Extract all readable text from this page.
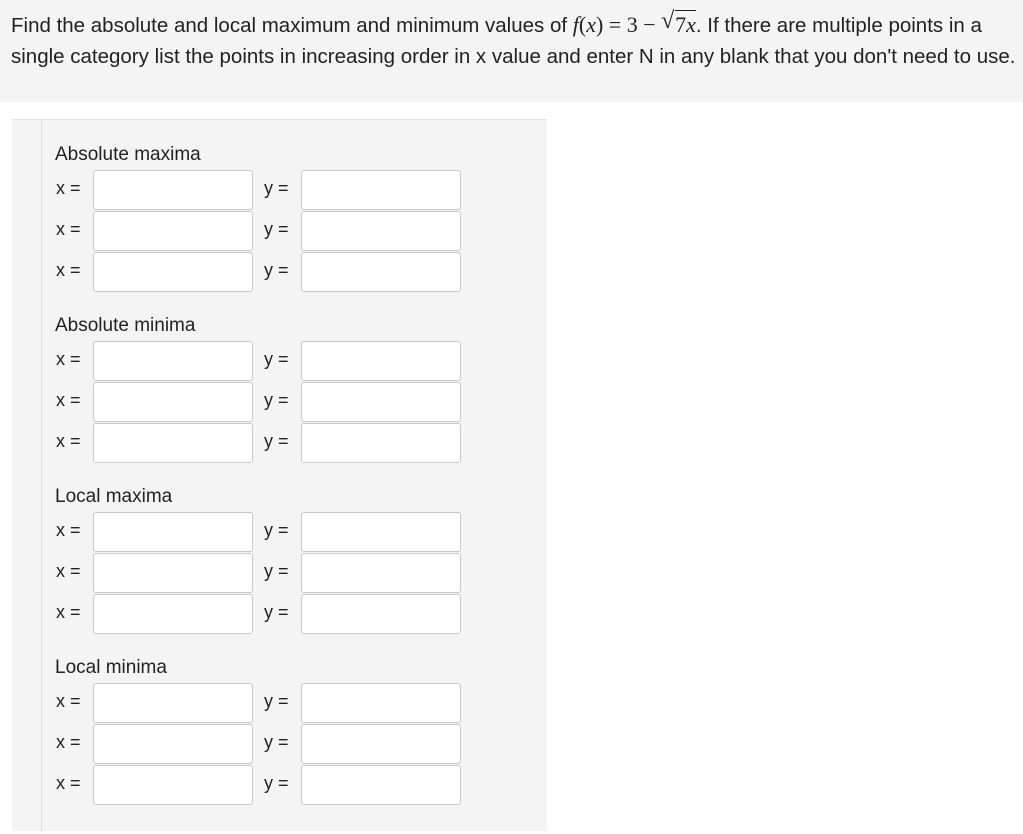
Find the absolute and local maximum and minimum values of f(x) = 3 − √ 7x. If there are multiple points in a single category list the points in increasing order in x value and enter N in any blank that you don't need to use.
Absolute maxima
x =	y =
x =	y =
x =	y =
Absolute minima
x =	y =
x =	y =
x =	y =
Local maxima
x =	y =
x =	y =
x =	y =
Local minima
x =	y =
x =	y =
x =	y =
